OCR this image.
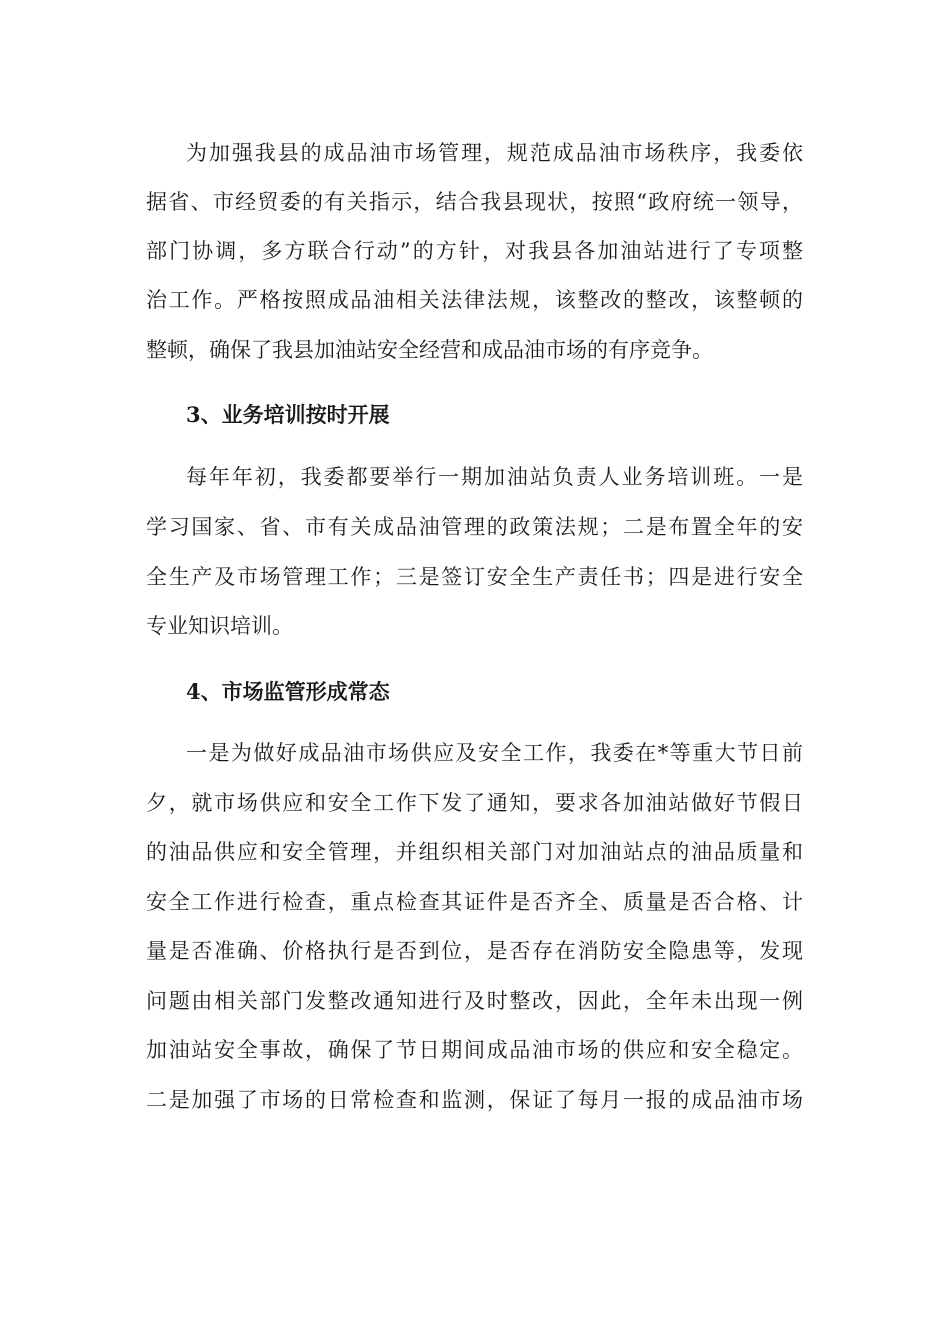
为加强我县的成品油市场管理，规范成品油市场秩序，我委依
据省、市经贸委的有关指示，结合我县现状，按照“政府统一领导，
部门协调，多方联合行动”的方针，对我县各加油站进行了专项整
治工作。严格按照成品油相关法律法规，该整改的整改，该整顿的
整顿，确保了我县加油站安全经营和成品油市场的有序竞争。
3、业务培训按时开展
每年年初，我委都要举行一期加油站负责人业务培训班。一是
学习国家、省、市有关成品油管理的政策法规；二是布置全年的安
全生产及市场管理工作；三是签订安全生产责任书；四是进行安全
专业知识培训。
4、市场监管形成常态
一是为做好成品油市场供应及安全工作，我委在*等重大节日前
夕，就市场供应和安全工作下发了通知，要求各加油站做好节假日
的油品供应和安全管理，并组织相关部门对加油站点的油品质量和
安全工作进行检查，重点检查其证件是否齐全、质量是否合格、计
量是否准确、价格执行是否到位，是否存在消防安全隐患等，发现
问题由相关部门发整改通知进行及时整改，因此，全年未出现一例
加油站安全事故，确保了节日期间成品油市场的供应和安全稳定。
二是加强了市场的日常检查和监测，保证了每月一报的成品油市场
